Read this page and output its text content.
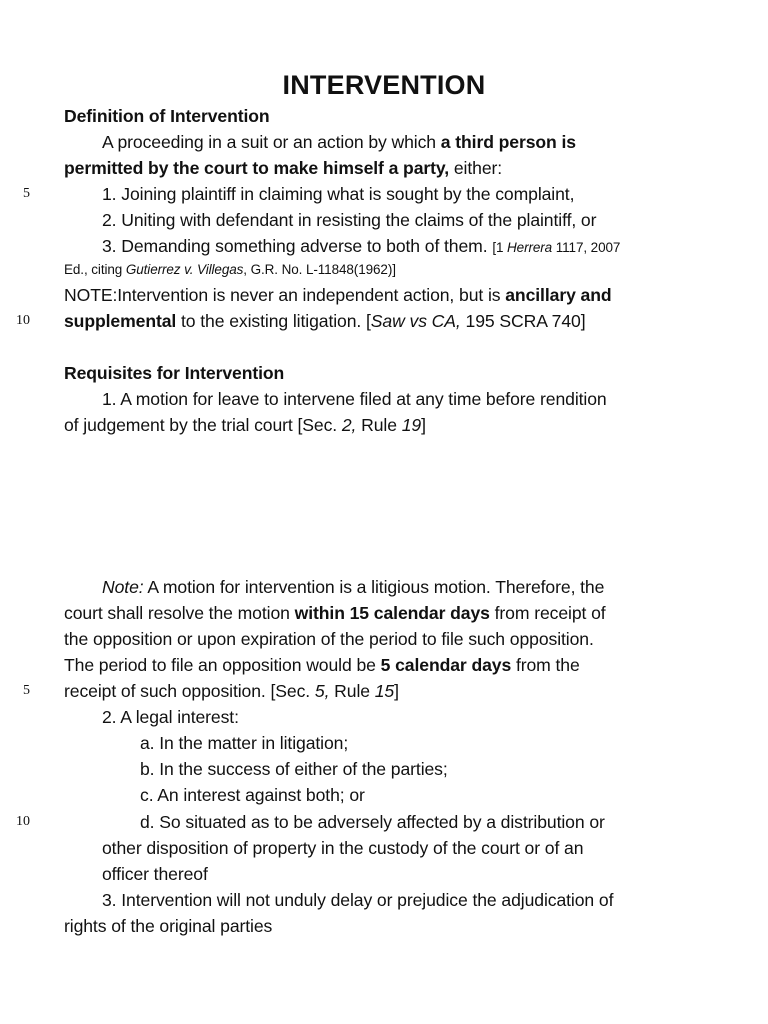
INTERVENTION
Definition of Intervention
A proceeding in a suit or an action by which a third person is
permitted by the court to make himself a party, either:
5	1. Joining plaintiff in claiming what is sought by the complaint,
2. Uniting with defendant in resisting the claims of the plaintiff, or
3. Demanding something adverse to both of them. [1 Herrera 1117, 2007
Ed., citing Gutierrez v. Villegas, G.R. No. L-11848(1962)]
NOTE:Intervention is never an independent action, but is ancillary and
10 supplemental to the existing litigation. [Saw vs CA, 195 SCRA 740]
Requisites for Intervention
1. A motion for leave to intervene filed at any time before rendition
of judgement by the trial court [Sec. 2, Rule 19]
Note: A motion for intervention is a litigious motion. Therefore, the
court shall resolve the motion within 15 calendar days from receipt of
the opposition or upon expiration of the period to file such opposition.
The period to file an opposition would be 5 calendar days from the
5 receipt of such opposition. [Sec. 5, Rule 15]
2. A legal interest:
a. In the matter in litigation;
b. In the success of either of the parties;
c. An interest against both; or
10	d. So situated as to be adversely affected by a distribution or
other disposition of property in the custody of the court or of an
officer thereof
3. Intervention will not unduly delay or prejudice the adjudication of
rights of the original parties
